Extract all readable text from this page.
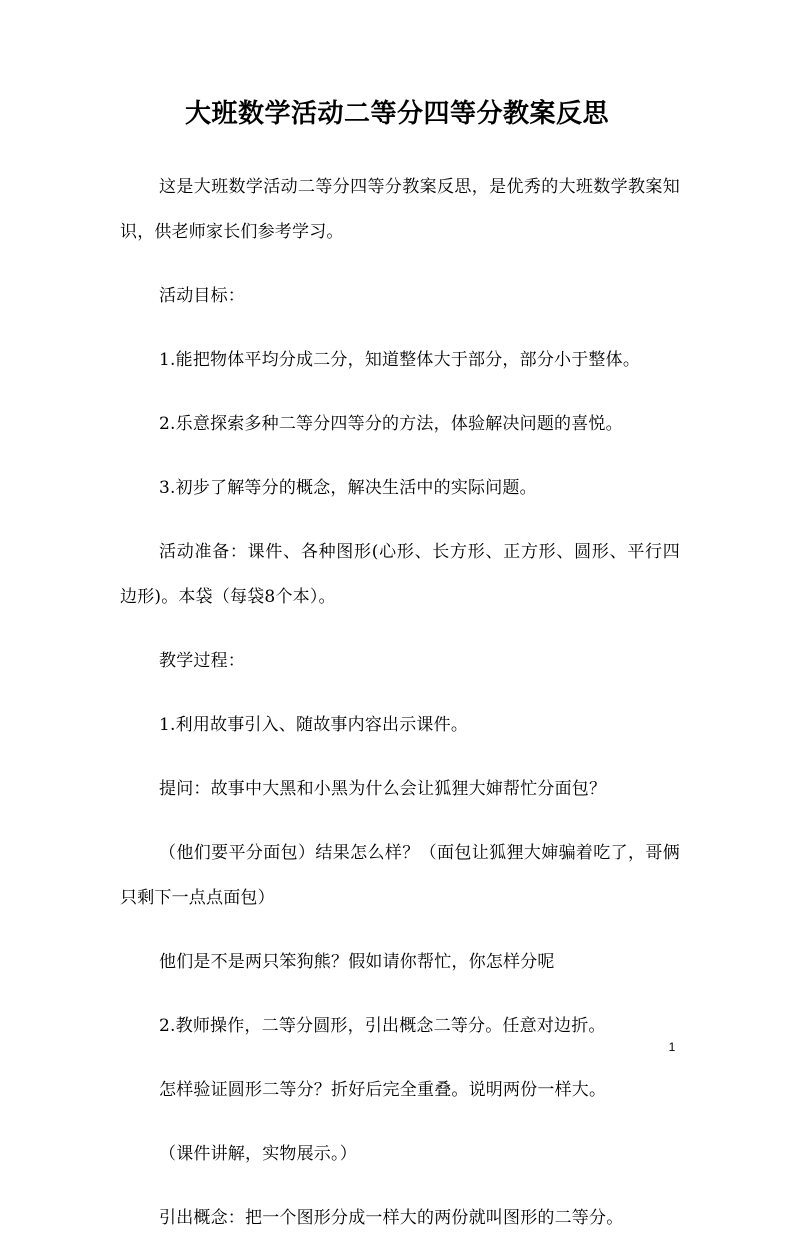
大班数学活动二等分四等分教案反思

这是大班数学活动二等分四等分教案反思，是优秀的大班数学教案知识，供老师家长们参考学习。

活动目标：

1.能把物体平均分成二分，知道整体大于部分，部分小于整体。

2.乐意探索多种二等分四等分的方法，体验解决问题的喜悦。

3.初步了解等分的概念，解决生活中的实际问题。

活动准备：课件、各种图形(心形、长方形、正方形、圆形、平行四边形)。本袋（每袋8个本）。

教学过程：

1.利用故事引入、随故事内容出示课件。

提问：故事中大黑和小黑为什么会让狐狸大婶帮忙分面包？

（他们要平分面包）结果怎么样？（面包让狐狸大婶骗着吃了，哥俩只剩下一点点面包）

他们是不是两只笨狗熊？假如请你帮忙，你怎样分呢

2.教师操作，二等分圆形，引出概念二等分。任意对边折。

怎样验证圆形二等分？折好后完全重叠。说明两份一样大。

（课件讲解，实物展示。）

引出概念：把一个图形分成一样大的两份就叫图形的二等分。

1
